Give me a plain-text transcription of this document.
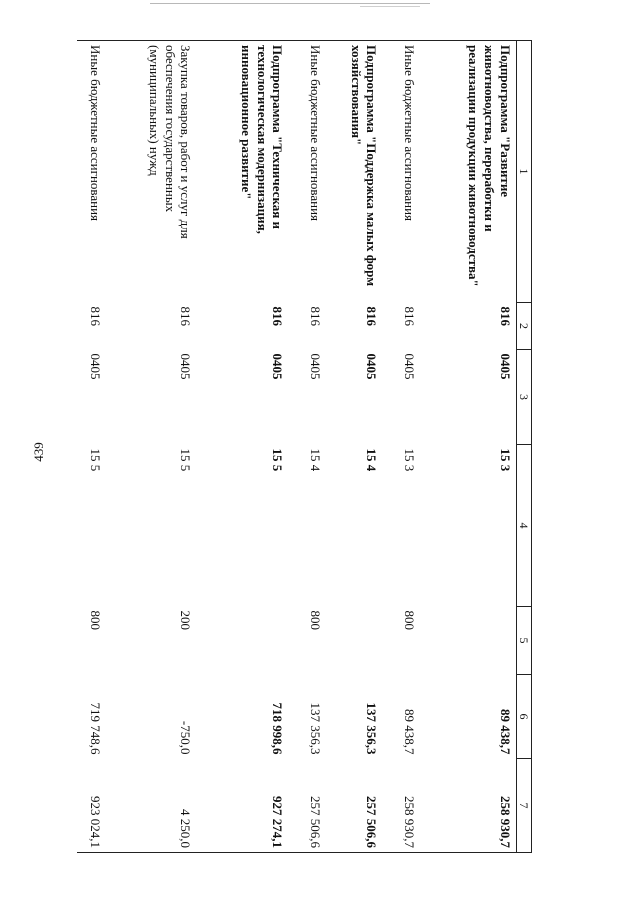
439
1	2	3	4	5	6	7
Подпрограмма "Развитие животноводства, переработки и реализации продукции животноводства"	816	0405	15 3		89 438,7	258 930,7
Иные бюджетные ассигнования	816	0405	15 3	800	89 438,7	258 930,7
Подпрограмма "Поддержка малых форм хозяйствования"	816	0405	15 4		137 356,3	257 506,6
Иные бюджетные ассигнования	816	0405	15 4	800	137 356,3	257 506,6
Подпрограмма "Техническая и технологическая модернизация, инновационное развитие"	816	0405	15 5		718 998,6	927 274,1
Закупка товаров, работ и услуг для обеспечения государственных (муниципальных) нужд	816	0405	15 5	200	-750,0	4 250,0
Иные бюджетные ассигнования	816	0405	15 5	800	719 748,6	923 024,1
